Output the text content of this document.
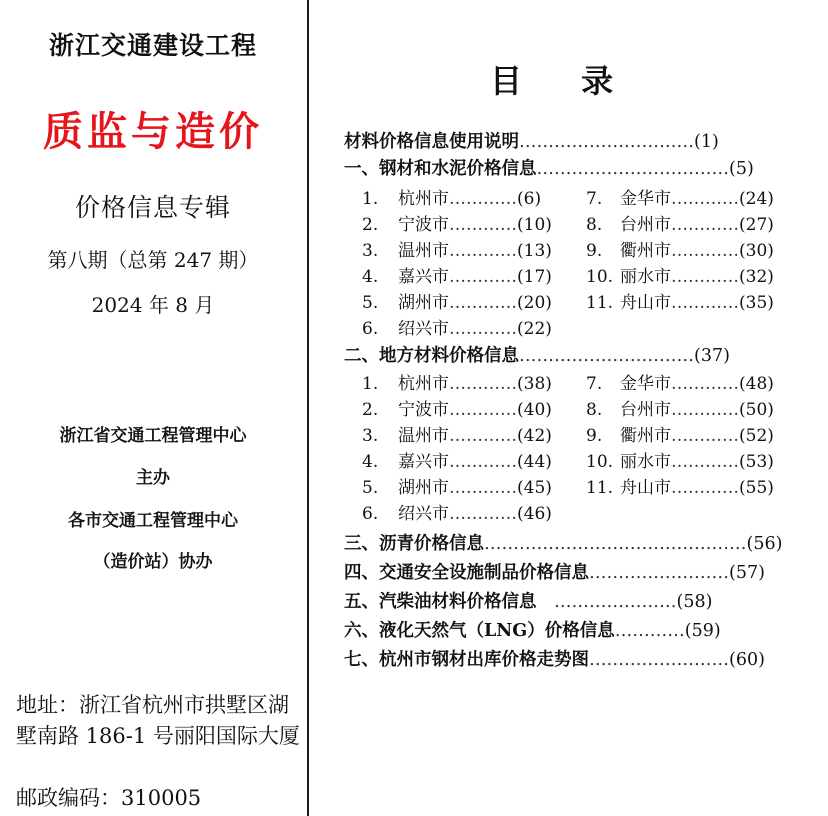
浙江交通建设工程
质监与造价
价格信息专辑
第八期（总第 247 期）
2024 年 8 月
浙江省交通工程管理中心
主办
各市交通工程管理中心
（造价站）协办
地址：浙江省杭州市拱墅区湖墅南路 186-1 号丽阳国际大厦
邮政编码：310005
目 录
材料价格信息使用说明…………………………(1)
一、钢材和水泥价格信息……………………………(5)
二、地方材料价格信息…………………………(37)
三、沥青价格信息………………………………………(56)
四、交通安全设施制品价格信息……………………(57)
五、汽柴油材料价格信息　…………………(58)
六、液化天然气（LNG）价格信息…………(59)
七、杭州市钢材出库价格走势图……………………(60)
1. 杭州市…………(6)
2. 宁波市…………(10)
3. 温州市…………(13)
4. 嘉兴市…………(17)
5. 湖州市…………(20)
6. 绍兴市…………(22)
7. 金华市…………(24)
8. 台州市…………(27)
9. 衢州市…………(30)
10. 丽水市…………(32)
11. 舟山市…………(35)
1. 杭州市…………(38)
2. 宁波市…………(40)
3. 温州市…………(42)
4. 嘉兴市…………(44)
5. 湖州市…………(45)
6. 绍兴市…………(46)
7. 金华市…………(48)
8. 台州市…………(50)
9. 衢州市…………(52)
10. 丽水市…………(53)
11. 舟山市…………(55)
